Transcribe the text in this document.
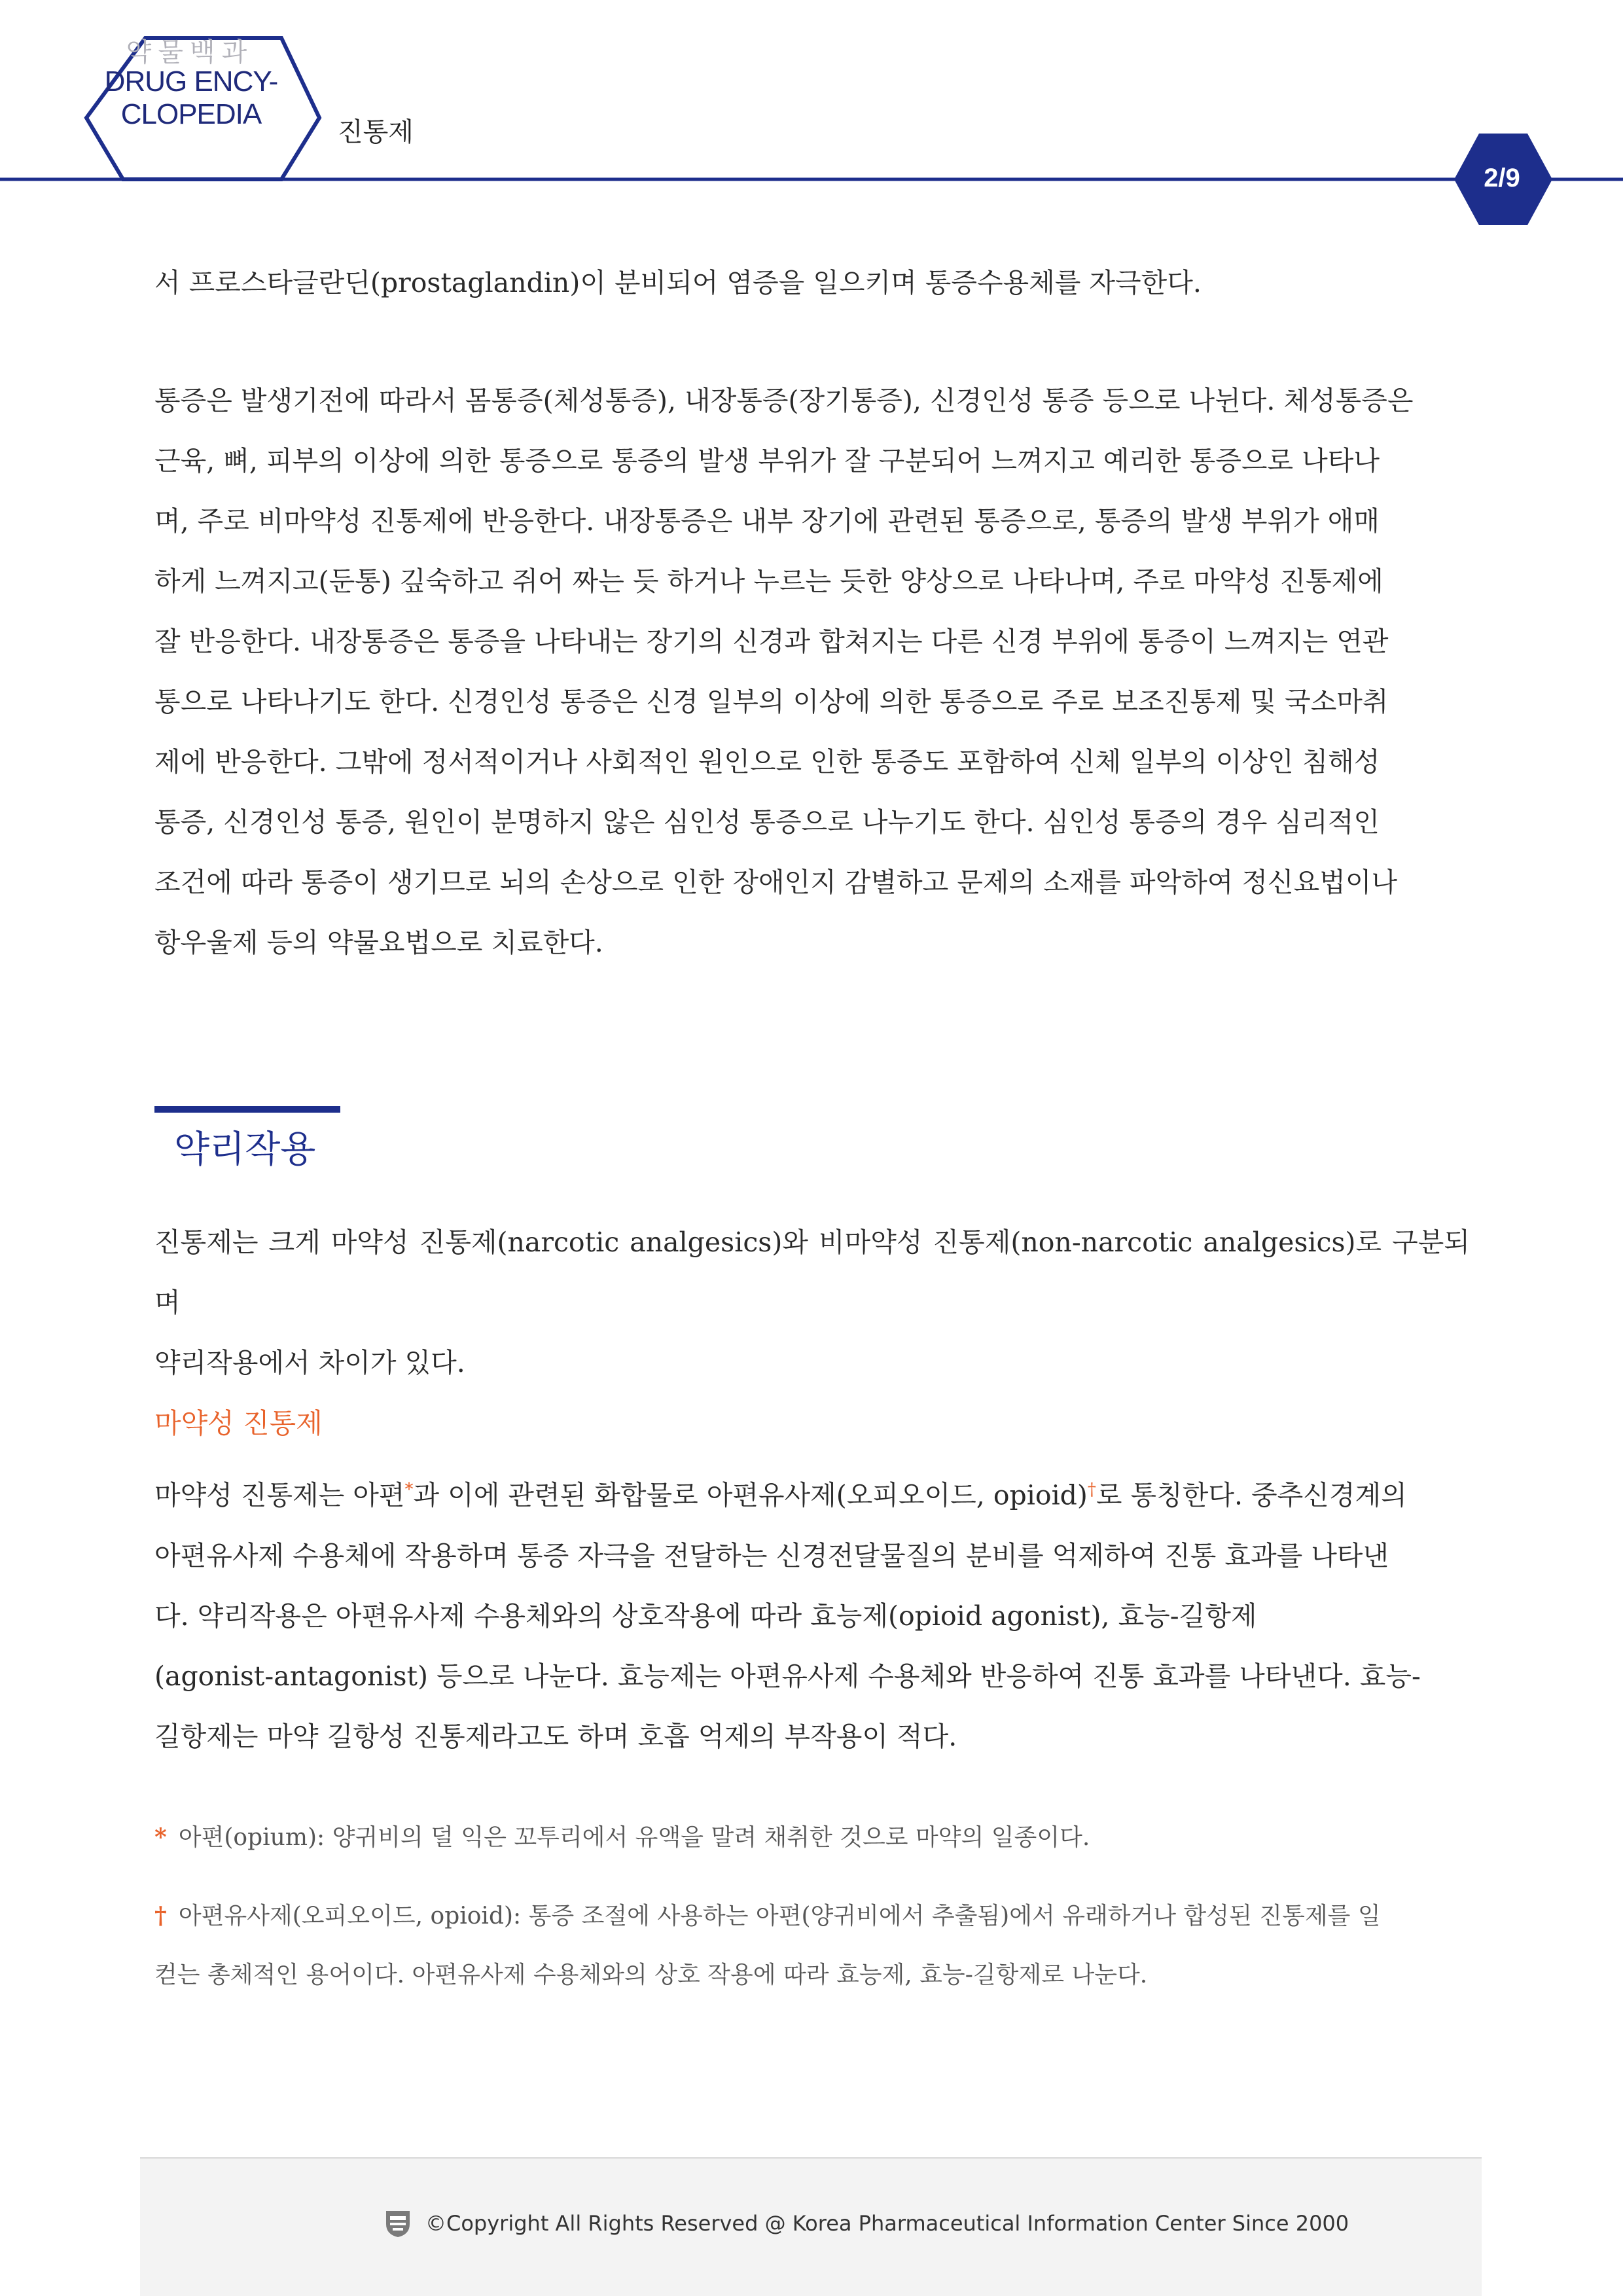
약물백과
DRUG ENCY-
CLOPEDIA
진통제
2/9
서 프로스타글란딘(prostaglandin)이 분비되어 염증을 일으키며 통증수용체를 자극한다.
통증은 발생기전에 따라서 몸통증(체성통증), 내장통증(장기통증), 신경인성 통증 등으로 나뉜다. 체성통증은
근육, 뼈, 피부의 이상에 의한 통증으로 통증의 발생 부위가 잘 구분되어 느껴지고 예리한 통증으로 나타나
며, 주로 비마약성 진통제에 반응한다. 내장통증은 내부 장기에 관련된 통증으로, 통증의 발생 부위가 애매
하게 느껴지고(둔통) 깊숙하고 쥐어 짜는 듯 하거나 누르는 듯한 양상으로 나타나며, 주로 마약성 진통제에
잘 반응한다. 내장통증은 통증을 나타내는 장기의 신경과 합쳐지는 다른 신경 부위에 통증이 느껴지는 연관
통으로 나타나기도 한다. 신경인성 통증은 신경 일부의 이상에 의한 통증으로 주로 보조진통제 및 국소마취
제에 반응한다. 그밖에 정서적이거나 사회적인 원인으로 인한 통증도 포함하여 신체 일부의 이상인 침해성
통증, 신경인성 통증, 원인이 분명하지 않은 심인성 통증으로 나누기도 한다. 심인성 통증의 경우 심리적인
조건에 따라 통증이 생기므로 뇌의 손상으로 인한 장애인지 감별하고 문제의 소재를 파악하여 정신요법이나
항우울제 등의 약물요법으로 치료한다.
약리작용
진통제는 크게 마약성 진통제(narcotic analgesics)와 비마약성 진통제(non-narcotic analgesics)로 구분되며
약리작용에서 차이가 있다.
마약성 진통제
마약성 진통제는 아편*과 이에 관련된 화합물로 아편유사제(오피오이드, opioid)†로 통칭한다. 중추신경계의
아편유사제 수용체에 작용하며 통증 자극을 전달하는 신경전달물질의 분비를 억제하여 진통 효과를 나타낸
다. 약리작용은 아편유사제 수용체와의 상호작용에 따라 효능제(opioid agonist), 효능-길항제
(agonist-antagonist) 등으로 나눈다. 효능제는 아편유사제 수용체와 반응하여 진통 효과를 나타낸다. 효능-
길항제는 마약 길항성 진통제라고도 하며 호흡 억제의 부작용이 적다.
* 아편(opium): 양귀비의 덜 익은 꼬투리에서 유액을 말려 채취한 것으로 마약의 일종이다.
† 아편유사제(오피오이드, opioid): 통증 조절에 사용하는 아편(양귀비에서 추출됨)에서 유래하거나 합성된 진통제를 일
컫는 총체적인 용어이다. 아편유사제 수용체와의 상호 작용에 따라 효능제, 효능-길항제로 나눈다.
©Copyright All Rights Reserved @ Korea Pharmaceutical Information Center Since 2000
